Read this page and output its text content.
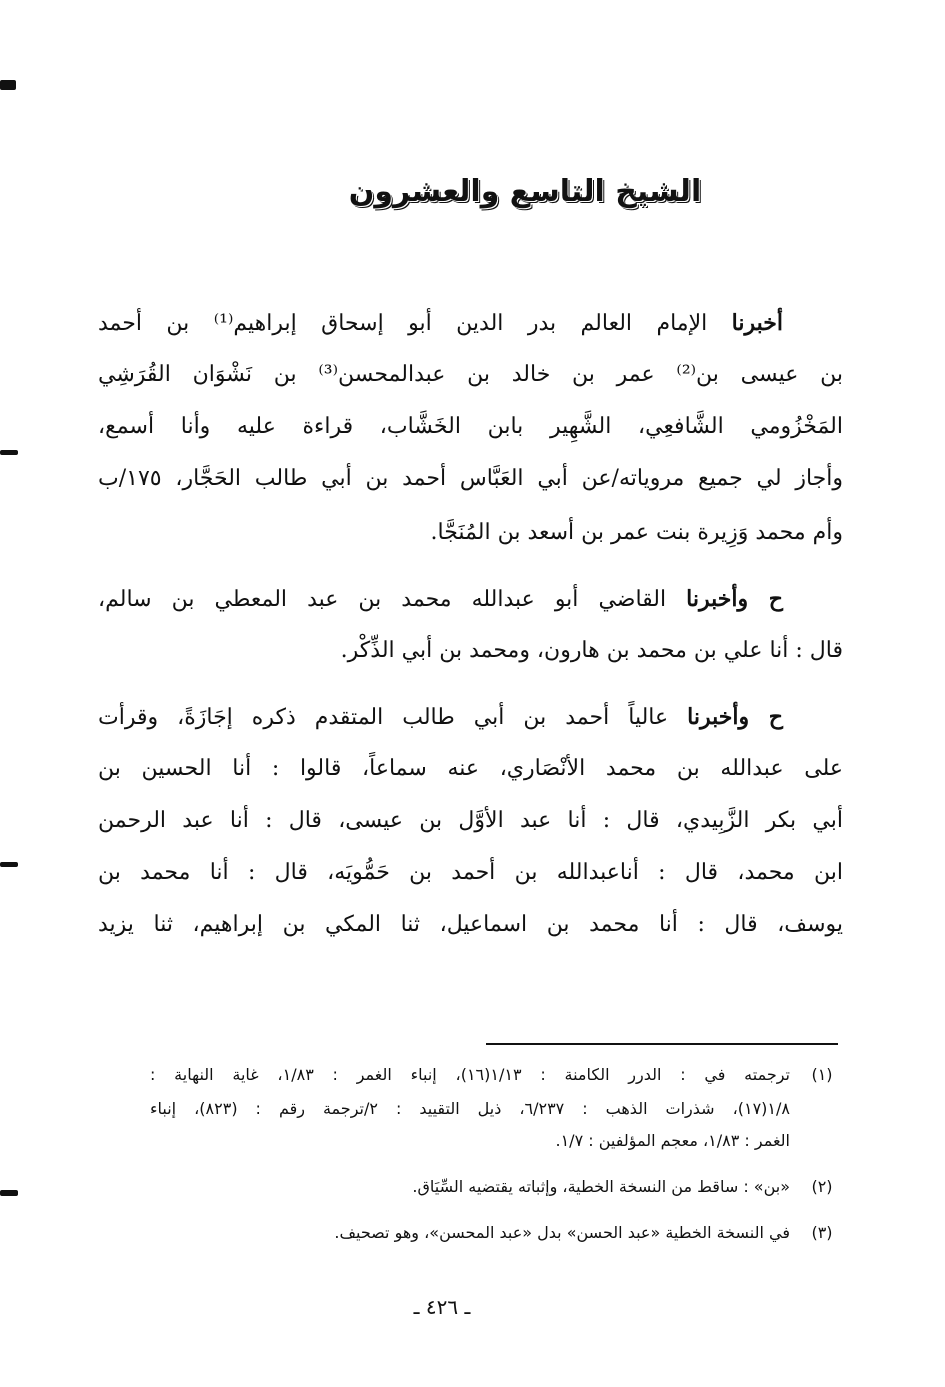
الشيخ التاسع والعشرون
أخبرنا الإمام العالم بدر الدين أبو إسحاق إبراهيم⁽¹⁾ بن أحمد
بن عيسى بن⁽²⁾ عمر بن خالد بن عبدالمحسن⁽³⁾ بن نَشْوَان القُرَشِي
المَخْزُومي الشَّافعِي، الشَّهِير بابن الخَشَّاب، قراءة عليه وأنا أسمع،
وأجاز لي جميع مروياته/عن أبي العَبَّاس أحمد بن أبي طالب الحَجَّار، ١٧٥/ب
وأم محمد وَزِيرة بنت عمر بن أسعد بن المُنَجَّا.
ح وأخبرنا القاضي أبو عبدالله محمد بن عبد المعطي بن سالم،
قال : أنا علي بن محمد بن هارون، ومحمد بن أبي الذِّكْر.
ح وأخبرنا عالياً أحمد بن أبي طالب المتقدم ذكره إجَازَةً، وقرأت
على عبدالله بن محمد الأنْصَاري، عنه سماعاً، قالوا : أنا الحسين بن
أبي بكر الزَّبِيدي، قال : أنا عبد الأوَّل بن عيسى، قال : أنا عبد الرحمن
ابن محمد، قال : أناعبدالله بن أحمد بن حَمُّويَه، قال : أنا محمد بن
يوسف، قال : أنا محمد بن اسماعيل، ثنا المكي بن إبراهيم، ثنا يزيد
(١)
ترجمته في : الدرر الكامنة : ١/١٣(١٦)، إنباء الغمر : ١/٨٣، غاية النهاية :
١/٨(١٧)، شذرات الذهب : ٦/٢٣٧، ذيل التقييد : ٢/ترجمة رقم : (٨٢٣)، إنباء
الغمر : ١/٨٣، معجم المؤلفين : ١/٧.
(٢)
«بن» : ساقط من النسخة الخطية، وإثباته يقتضيه السِّيَاق.
(٣)
في النسخة الخطية «عبد الحسن» بدل «عبد المحسن»، وهو تصحيف.
ـ ٤٢٦ ـ
